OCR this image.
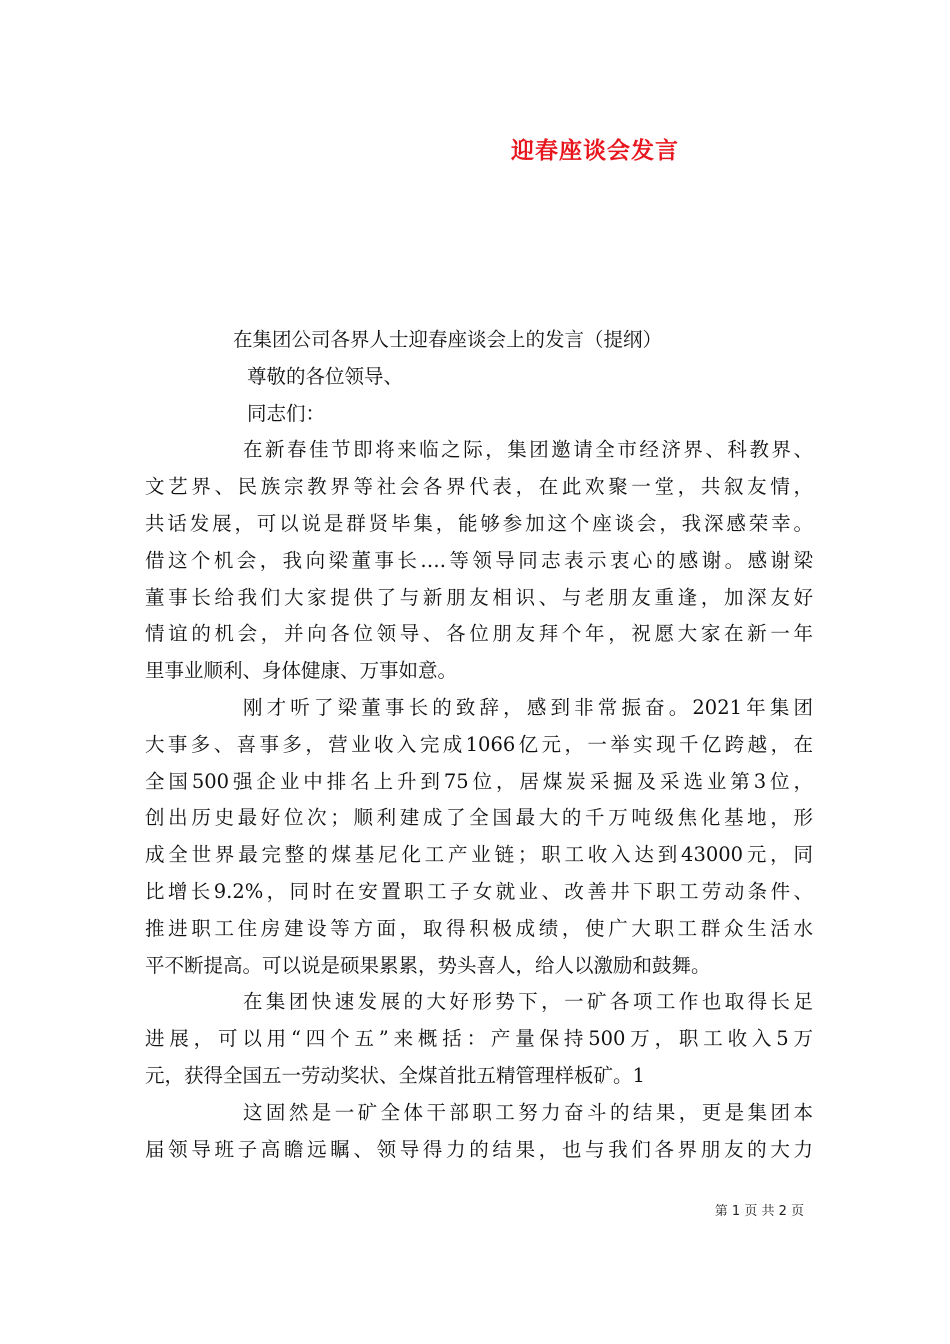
迎春座谈会发言
在集团公司各界人士迎春座谈会上的发言（提纲）
尊敬的各位领导、
同志们：
在新春佳节即将来临之际，集团邀请全市经济界、科教界、
文艺界、民族宗教界等社会各界代表，在此欢聚一堂，共叙友情，
共话发展，可以说是群贤毕集，能够参加这个座谈会，我深感荣幸。
借这个机会，我向梁董事长….等领导同志表示衷心的感谢。感谢梁
董事长给我们大家提供了与新朋友相识、与老朋友重逢，加深友好
情谊的机会，并向各位领导、各位朋友拜个年，祝愿大家在新一年
里事业顺利、身体健康、万事如意。
刚才听了梁董事长的致辞，感到非常振奋。2021年集团
大事多、喜事多，营业收入完成1066亿元，一举实现千亿跨越，在
全国500强企业中排名上升到75位，居煤炭采掘及采选业第3位，
创出历史最好位次；顺利建成了全国最大的千万吨级焦化基地，形
成全世界最完整的煤基尼化工产业链；职工收入达到43000元，同
比增长9.2%，同时在安置职工子女就业、改善井下职工劳动条件、
推进职工住房建设等方面，取得积极成绩，使广大职工群众生活水
平不断提高。可以说是硕果累累，势头喜人，给人以激励和鼓舞。
在集团快速发展的大好形势下，一矿各项工作也取得长足
进展，可以用“四个五”来概括：产量保持500万，职工收入5万
元，获得全国五一劳动奖状、全煤首批五精管理样板矿。1
这固然是一矿全体干部职工努力奋斗的结果，更是集团本
届领导班子高瞻远瞩、领导得力的结果，也与我们各界朋友的大力
第 1 页 共 2 页
